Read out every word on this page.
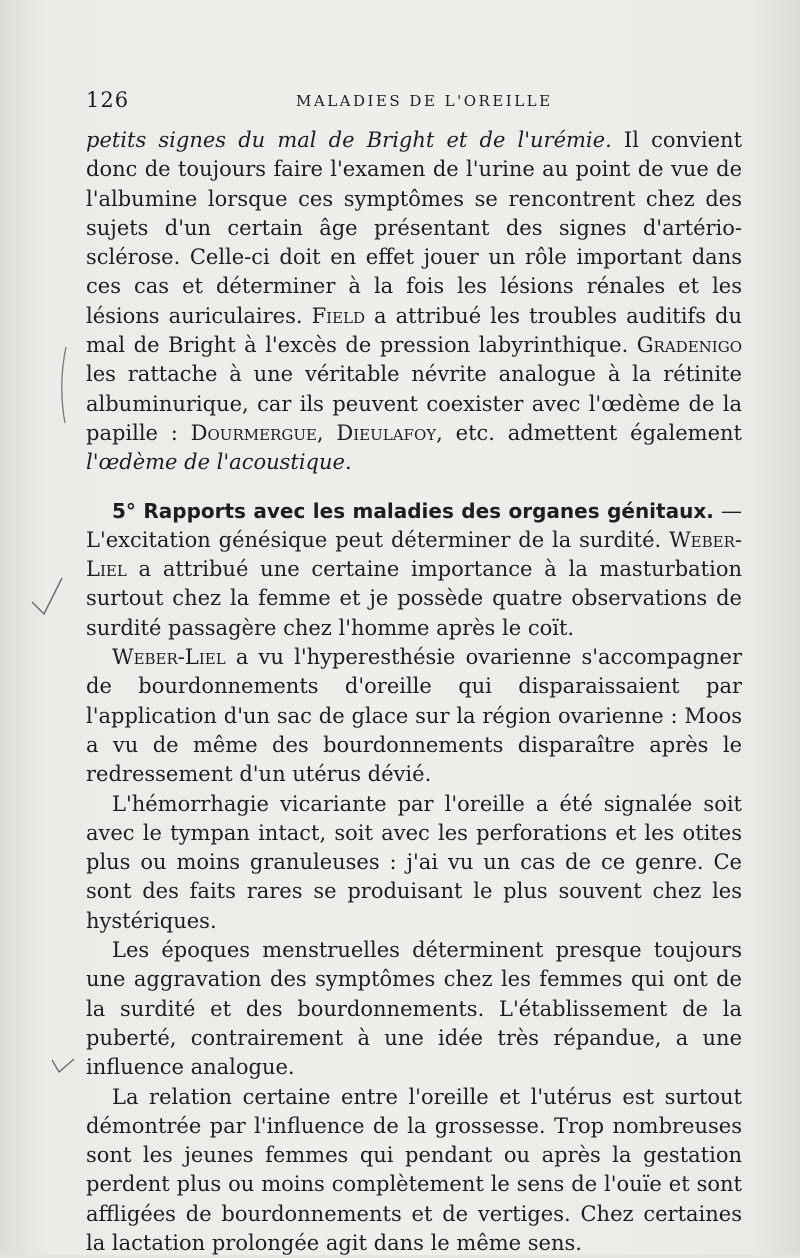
126	MALADIES DE L'OREILLE

petits signes du mal de Bright et de l'urémie. Il convient donc de toujours faire l'examen de l'urine au point de vue de l'albumine lorsque ces symptômes se rencontrent chez des sujets d'un certain âge présentant des signes d'artério-sclérose. Celle-ci doit en effet jouer un rôle important dans ces cas et déterminer à la fois les lésions rénales et les lésions auriculaires. Field a attribué les troubles auditifs du mal de Bright à l'excès de pression labyrinthique. Gradenigo les rattache à une véritable névrite analogue à la rétinite albuminurique, car ils peuvent coexister avec l'œdème de la papille : Dourmergue, Dieulafoy, etc. admettent également l'œdème de l'acoustique.

5° Rapports avec les maladies des organes génitaux. — L'excitation génésique peut déterminer de la surdité. Weber-Liel a attribué une certaine importance à la masturbation surtout chez la femme et je possède quatre observations de surdité passagère chez l'homme après le coït.

Weber-Liel a vu l'hyperesthésie ovarienne s'accompagner de bourdonnements d'oreille qui disparaissaient par l'application d'un sac de glace sur la région ovarienne : Moos a vu de même des bourdonnements disparaître après le redressement d'un utérus dévié.

L'hémorrhagie vicariante par l'oreille a été signalée soit avec le tympan intact, soit avec les perforations et les otites plus ou moins granuleuses : j'ai vu un cas de ce genre. Ce sont des faits rares se produisant le plus souvent chez les hystériques.

Les époques menstruelles déterminent presque toujours une aggravation des symptômes chez les femmes qui ont de la surdité et des bourdonnements. L'établissement de la puberté, contrairement à une idée très répandue, a une influence analogue.

La relation certaine entre l'oreille et l'utérus est surtout démontrée par l'influence de la grossesse. Trop nombreuses sont les jeunes femmes qui pendant ou après la gestation perdent plus ou moins complètement le sens de l'ouïe et sont affligées de bourdonnements et de vertiges. Chez certaines la lactation prolongée agit dans le même sens.
